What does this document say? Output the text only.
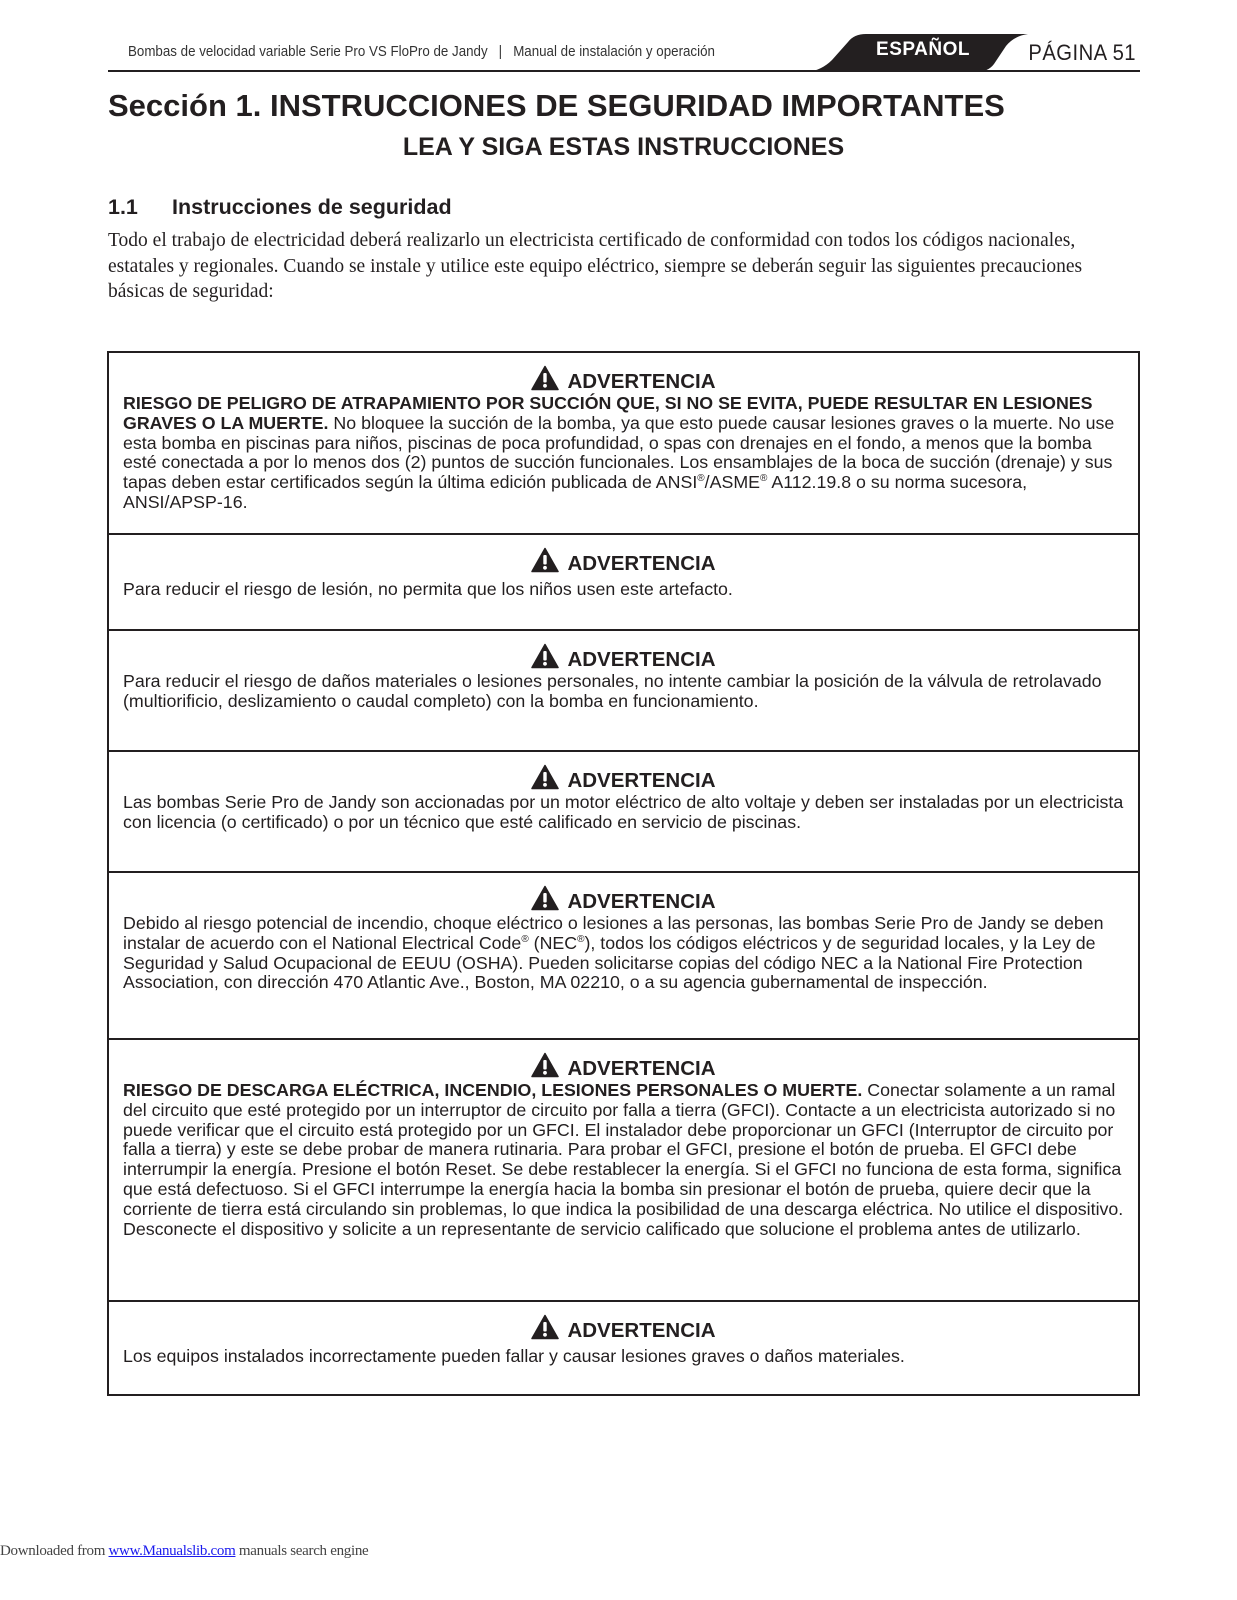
Bombas de velocidad variable Serie Pro VS FloPro de Jandy | Manual de instalación y operación	ESPAÑOL	PÁGINA 51
Sección 1. INSTRUCCIONES DE SEGURIDAD IMPORTANTES
LEA Y SIGA ESTAS INSTRUCCIONES
1.1 Instrucciones de seguridad
Todo el trabajo de electricidad deberá realizarlo un electricista certificado de conformidad con todos los códigos nacionales, estatales y regionales. Cuando se instale y utilice este equipo eléctrico, siempre se deberán seguir las siguientes precauciones básicas de seguridad:
ADVERTENCIA
RIESGO DE PELIGRO DE ATRAPAMIENTO POR SUCCIÓN QUE, SI NO SE EVITA, PUEDE RESULTAR EN LESIONES GRAVES O LA MUERTE. No bloquee la succión de la bomba, ya que esto puede causar lesiones graves o la muerte. No use esta bomba en piscinas para niños, piscinas de poca profundidad, o spas con drenajes en el fondo, a menos que la bomba esté conectada a por lo menos dos (2) puntos de succión funcionales. Los ensamblajes de la boca de succión (drenaje) y sus tapas deben estar certificados según la última edición publicada de ANSI®/ASME® A112.19.8 o su norma sucesora, ANSI/APSP-16.
ADVERTENCIA
Para reducir el riesgo de lesión, no permita que los niños usen este artefacto.
ADVERTENCIA
Para reducir el riesgo de daños materiales o lesiones personales, no intente cambiar la posición de la válvula de retrolavado (multiorificio, deslizamiento o caudal completo) con la bomba en funcionamiento.
ADVERTENCIA
Las bombas Serie Pro de Jandy son accionadas por un motor eléctrico de alto voltaje y deben ser instaladas por un electricista con licencia (o certificado) o por un técnico que esté calificado en servicio de piscinas.
ADVERTENCIA
Debido al riesgo potencial de incendio, choque eléctrico o lesiones a las personas, las bombas Serie Pro de Jandy se deben instalar de acuerdo con el National Electrical Code® (NEC®), todos los códigos eléctricos y de seguridad locales, y la Ley de Seguridad y Salud Ocupacional de EEUU (OSHA). Pueden solicitarse copias del código NEC a la National Fire Protection Association, con dirección 470 Atlantic Ave., Boston, MA 02210, o a su agencia gubernamental de inspección.
ADVERTENCIA
RIESGO DE DESCARGA ELÉCTRICA, INCENDIO, LESIONES PERSONALES O MUERTE. Conectar solamente a un ramal del circuito que esté protegido por un interruptor de circuito por falla a tierra (GFCI). Contacte a un electricista autorizado si no puede verificar que el circuito está protegido por un GFCI. El instalador debe proporcionar un GFCI (Interruptor de circuito por falla a tierra) y este se debe probar de manera rutinaria. Para probar el GFCI, presione el botón de prueba. El GFCI debe interrumpir la energía. Presione el botón Reset. Se debe restablecer la energía. Si el GFCI no funciona de esta forma, significa que está defectuoso. Si el GFCI interrumpe la energía hacia la bomba sin presionar el botón de prueba, quiere decir que la corriente de tierra está circulando sin problemas, lo que indica la posibilidad de una descarga eléctrica. No utilice el dispositivo. Desconecte el dispositivo y solicite a un representante de servicio calificado que solucione el problema antes de utilizarlo.
ADVERTENCIA
Los equipos instalados incorrectamente pueden fallar y causar lesiones graves o daños materiales.
Downloaded from www.Manualslib.com manuals search engine
